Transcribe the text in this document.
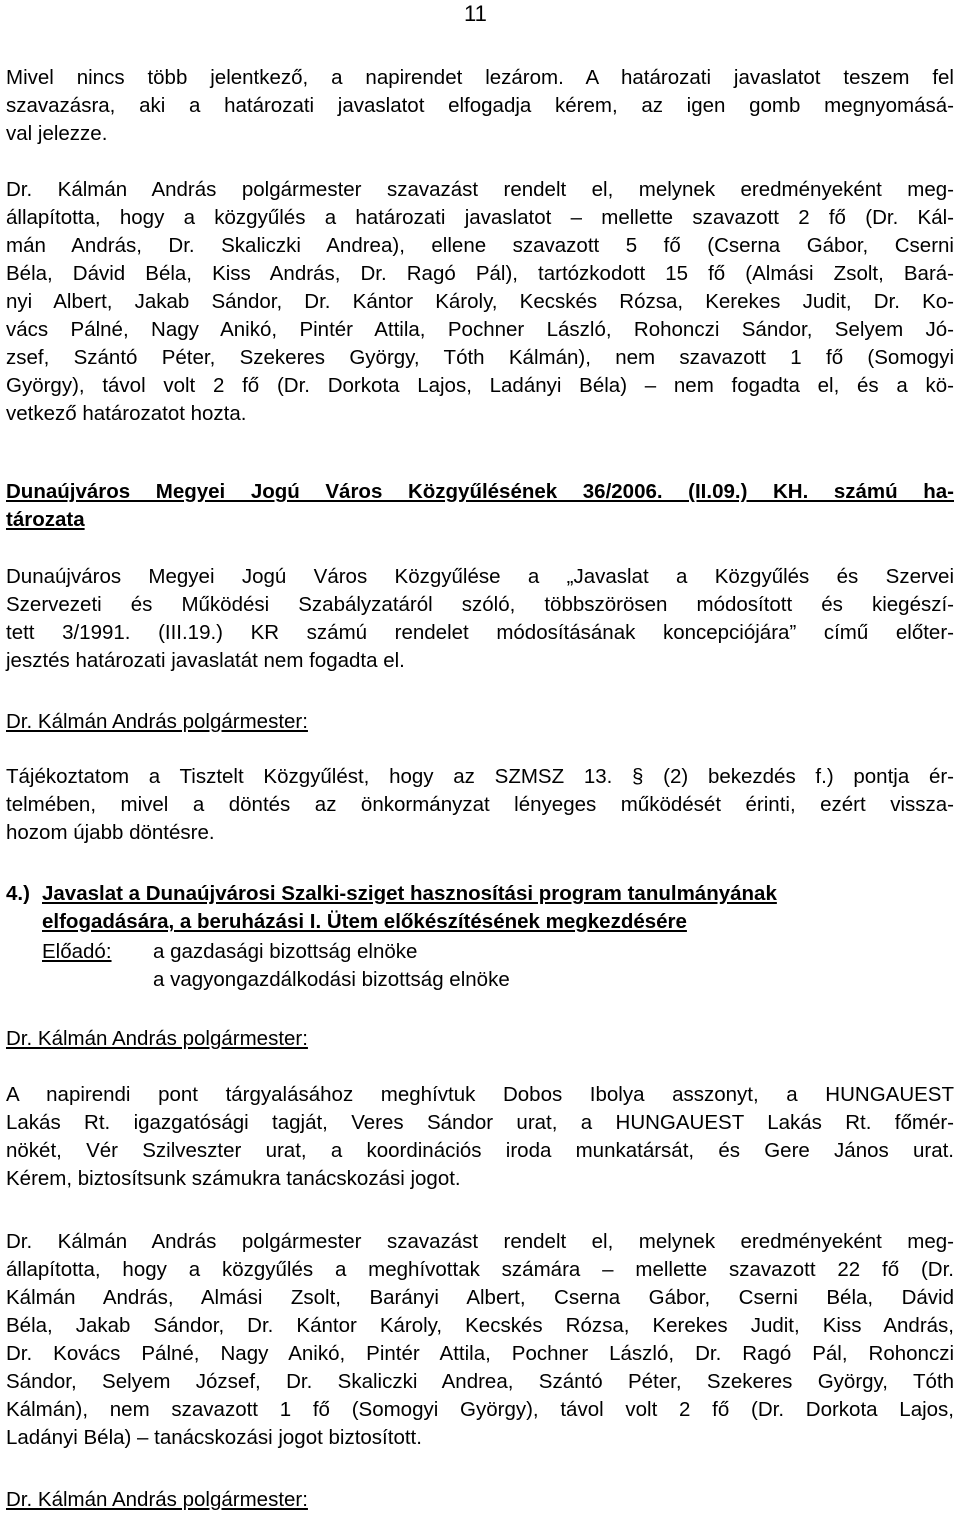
11
Mivel nincs több jelentkező, a napirendet lezárom. A határozati javaslatot teszem fel
szavazásra, aki a határozati javaslatot elfogadja kérem, az igen gomb megnyomásá-
val jelezze.
Dr. Kálmán András polgármester szavazást rendelt el, melynek eredményeként meg-
állapította, hogy a közgyűlés a határozati javaslatot – mellette szavazott 2 fő (Dr. Kál-
mán András, Dr. Skaliczki Andrea), ellene szavazott 5 fő (Cserna Gábor, Cserni
Béla, Dávid Béla, Kiss András, Dr. Ragó Pál), tartózkodott 15 fő (Almási Zsolt, Bará-
nyi Albert, Jakab Sándor, Dr. Kántor Károly, Kecskés Rózsa, Kerekes Judit, Dr. Ko-
vács Pálné, Nagy Anikó, Pintér Attila, Pochner László, Rohonczi Sándor, Selyem Jó-
zsef, Szántó Péter, Szekeres György, Tóth Kálmán), nem szavazott 1 fő (Somogyi
György), távol volt 2 fő (Dr. Dorkota Lajos, Ladányi Béla) – nem fogadta el, és a kö-
vetkező határozatot hozta.
Dunaújváros Megyei Jogú Város Közgyűlésének 36/2006. (II.09.) KH. számú ha-
tározata
Dunaújváros Megyei Jogú Város Közgyűlése a „Javaslat a Közgyűlés és Szervei
Szervezeti és Működési Szabályzatáról szóló, többszörösen módosított és kiegészí-
tett 3/1991. (III.19.) KR számú rendelet módosításának koncepciójára” című előter-
jesztés határozati javaslatát nem fogadta el.
Dr. Kálmán András polgármester:
Tájékoztatom a Tisztelt Közgyűlést, hogy az SZMSZ 13. § (2) bekezdés f.) pontja ér-
telmében, mivel a döntés az önkormányzat lényeges működését érinti, ezért vissza-
hozom újabb döntésre.
4.) Javaslat a Dunaújvárosi Szalki-sziget hasznosítási program tanulmányának
elfogadására, a beruházási I. Ütem előkészítésének megkezdésére
Előadó: a gazdasági bizottság elnöke
a vagyongazdálkodási bizottság elnöke
Dr. Kálmán András polgármester:
A napirendi pont tárgyalásához meghívtuk Dobos Ibolya asszonyt, a HUNGAUEST
Lakás Rt. igazgatósági tagját, Veres Sándor urat, a HUNGAUEST Lakás Rt. főmér-
nökét, Vér Szilveszter urat, a koordinációs iroda munkatársát, és Gere János urat.
Kérem, biztosítsunk számukra tanácskozási jogot.
Dr. Kálmán András polgármester szavazást rendelt el, melynek eredményeként meg-
állapította, hogy a közgyűlés a meghívottak számára – mellette szavazott 22 fő (Dr.
Kálmán András, Almási Zsolt, Barányi Albert, Cserna Gábor, Cserni Béla, Dávid
Béla, Jakab Sándor, Dr. Kántor Károly, Kecskés Rózsa, Kerekes Judit, Kiss András,
Dr. Kovács Pálné, Nagy Anikó, Pintér Attila, Pochner László, Dr. Ragó Pál, Rohonczi
Sándor, Selyem József, Dr. Skaliczki Andrea, Szántó Péter, Szekeres György, Tóth
Kálmán), nem szavazott 1 fő (Somogyi György), távol volt 2 fő (Dr. Dorkota Lajos,
Ladányi Béla) – tanácskozási jogot biztosított.
Dr. Kálmán András polgármester:
